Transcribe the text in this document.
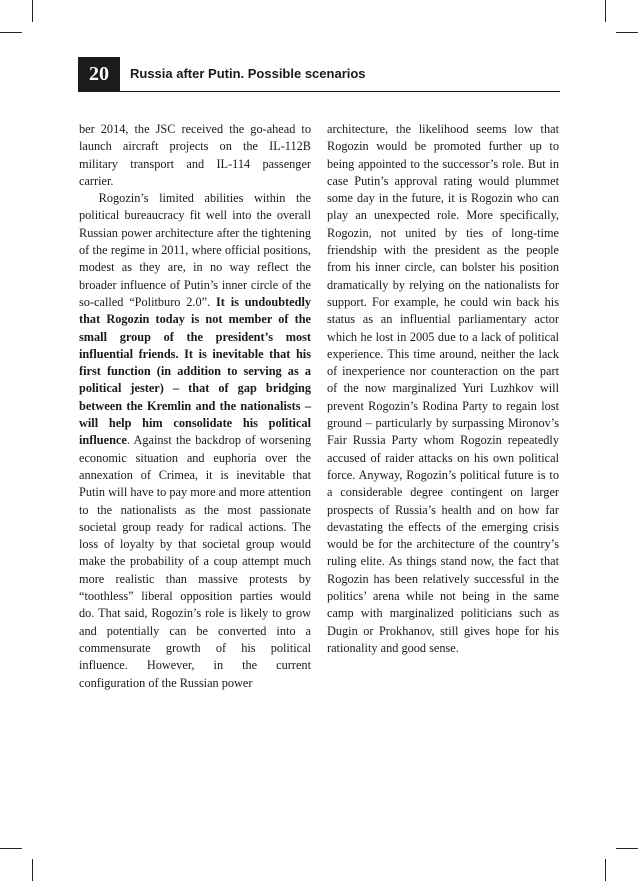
20	Russia after Putin. Possible scenarios

ber 2014, the JSC received the go-ahead to launch aircraft projects on the IL-112B military transport and IL-114 passenger carrier.

Rogozin’s limited abilities within the political bureaucracy fit well into the overall Russian power architecture after the tightening of the regime in 2011, where official positions, modest as they are, in no way reflect the broader influence of Putin’s inner circle of the so-called “Politburo 2.0”. It is undoubtedly that Rogozin today is not member of the small group of the president’s most influential friends. It is inevitable that his first function (in addition to serving as a political jester) – that of gap bridging between the Kremlin and the nationalists – will help him consolidate his political influence. Against the backdrop of worsening economic situation and euphoria over the annexation of Crimea, it is inevitable that Putin will have to pay more and more attention to the nationalists as the most passionate societal group ready for radical actions. The loss of loyalty by that societal group would make the probability of a coup attempt much more realistic than massive protests by “toothless” liberal opposition parties would do. That said, Rogozin’s role is likely to grow and potentially can be converted into a commensurate growth of his political influence. However, in the current configuration of the Russian power

architecture, the likelihood seems low that Rogozin would be promoted further up to being appointed to the successor’s role. But in case Putin’s approval rating would plummet some day in the future, it is Rogozin who can play an unexpected role. More specifically, Rogozin, not united by ties of long-time friendship with the president as the people from his inner circle, can bolster his position dramatically by relying on the nationalists for support. For example, he could win back his status as an influential parliamentary actor which he lost in 2005 due to a lack of political experience. This time around, neither the lack of inexperience nor counteraction on the part of the now marginalized Yuri Luzhkov will prevent Rogozin’s Rodina Party to regain lost ground – particularly by surpassing Mironov’s Fair Russia Party whom Rogozin repeatedly accused of raider attacks on his own political force. Anyway, Rogozin’s political future is to a considerable degree contingent on larger prospects of Russia’s health and on how far devastating the effects of the emerging crisis would be for the architecture of the country’s ruling elite. As things stand now, the fact that Rogozin has been relatively successful in the politics’ arena while not being in the same camp with marginalized politicians such as Dugin or Prokhanov, still gives hope for his rationality and good sense.
